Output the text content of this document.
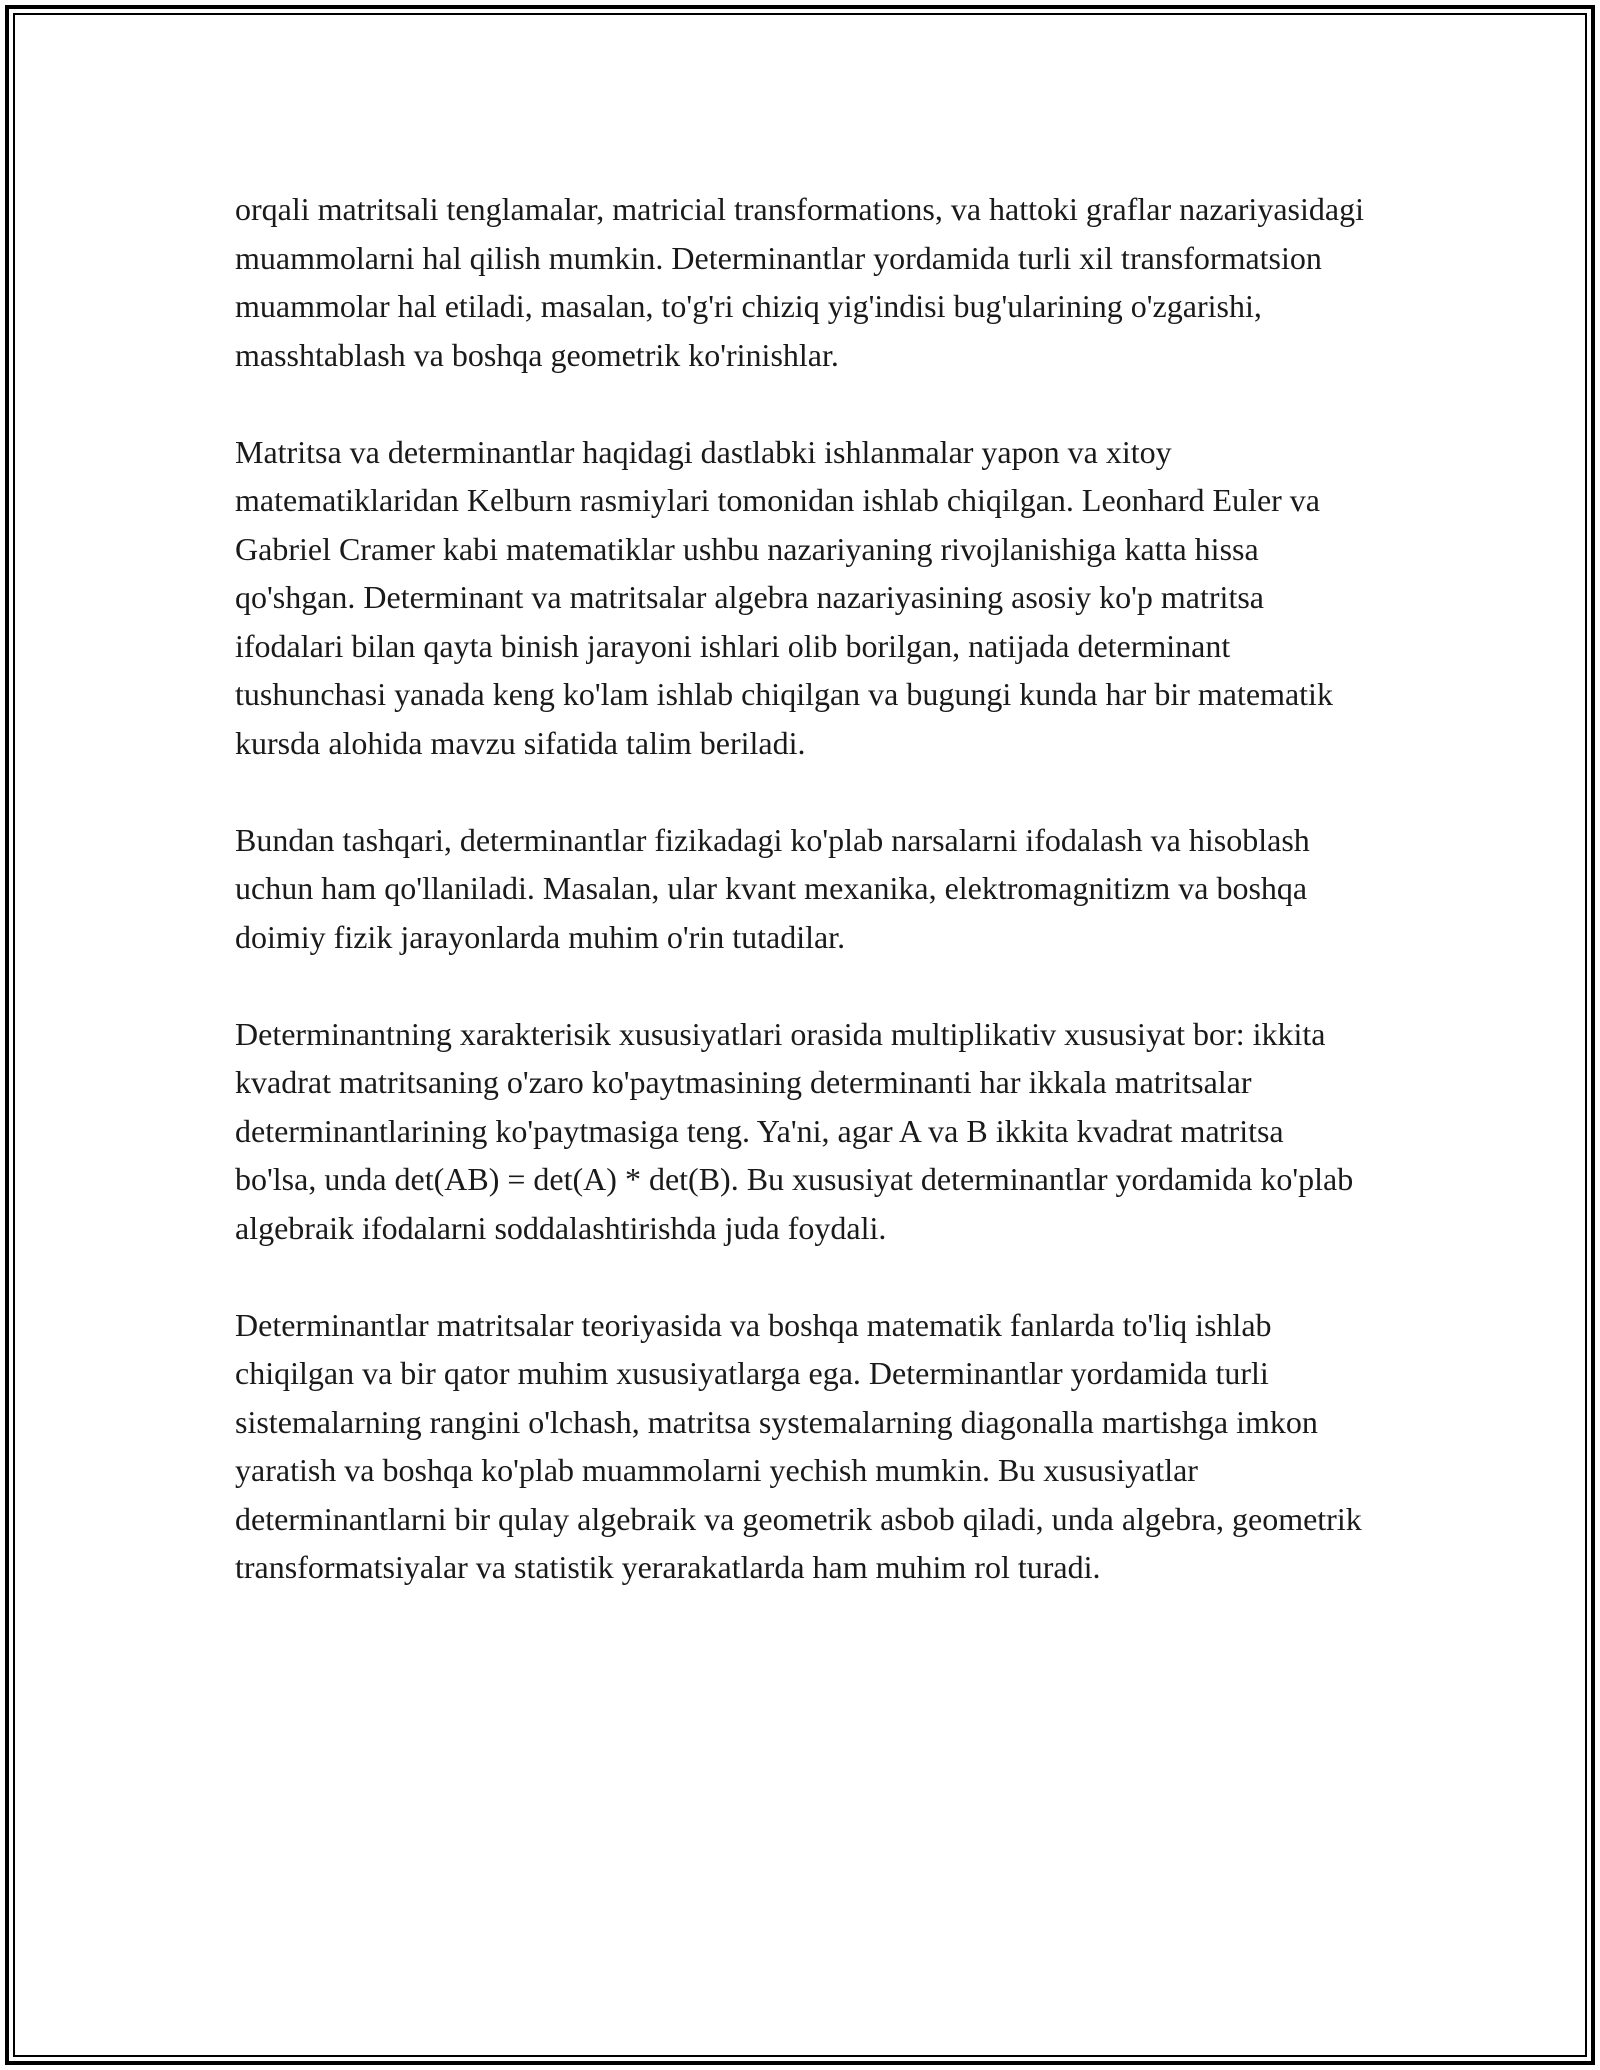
orqali matritsali tenglamalar, matricial transformations, va hattoki graflar nazariyasidagi muammolarni hal qilish mumkin. Determinantlar yordamida turli xil transformatsion muammolar hal etiladi, masalan, to'g'ri chiziq yig'indisi bug'ularining o'zgarishi, masshtablash va boshqa geometrik ko'rinishlar.

Matritsa va determinantlar haqidagi dastlabki ishlanmalar yapon va xitoy matematiklaridan Kelburn rasmiylari tomonidan ishlab chiqilgan. Leonhard Euler va Gabriel Cramer kabi matematiklar ushbu nazariyaning rivojlanishiga katta hissa qo'shgan. Determinant va matritsalar algebra nazariyasining asosiy ko'p matritsa ifodalari bilan qayta binish jarayoni ishlari olib borilgan, natijada determinant tushunchasi yanada keng ko'lam ishlab chiqilgan va bugungi kunda har bir matematik kursda alohida mavzu sifatida talim beriladi.

Bundan tashqari, determinantlar fizikadagi ko'plab narsalarni ifodalash va hisoblash uchun ham qo'llaniladi. Masalan, ular kvant mexanika, elektromagnitizm va boshqa doimiy fizik jarayonlarda muhim o'rin tutadilar.

Determinantning xarakterisik xususiyatlari orasida multiplikativ xususiyat bor: ikkita kvadrat matritsaning o'zaro ko'paytmasining determinanti har ikkala matritsalar determinantlarining ko'paytmasiga teng. Ya'ni, agar A va B ikkita kvadrat matritsa bo'lsa, unda det(AB) = det(A) * det(B). Bu xususiyat determinantlar yordamida ko'plab algebraik ifodalarni soddalashtirishda juda foydali.

Determinantlar matritsalar teoriyasida va boshqa matematik fanlarda to'liq ishlab chiqilgan va bir qator muhim xususiyatlarga ega. Determinantlar yordamida turli sistemalarning rangini o'lchash, matritsa systemalarning diagonalla martishga imkon yaratish va boshqa ko'plab muammolarni yechish mumkin. Bu xususiyatlar determinantlarni bir qulay algebraik va geometrik asbob qiladi, unda algebra, geometrik transformatsiyalar va statistik yerarakatlarda ham muhim rol turadi.
